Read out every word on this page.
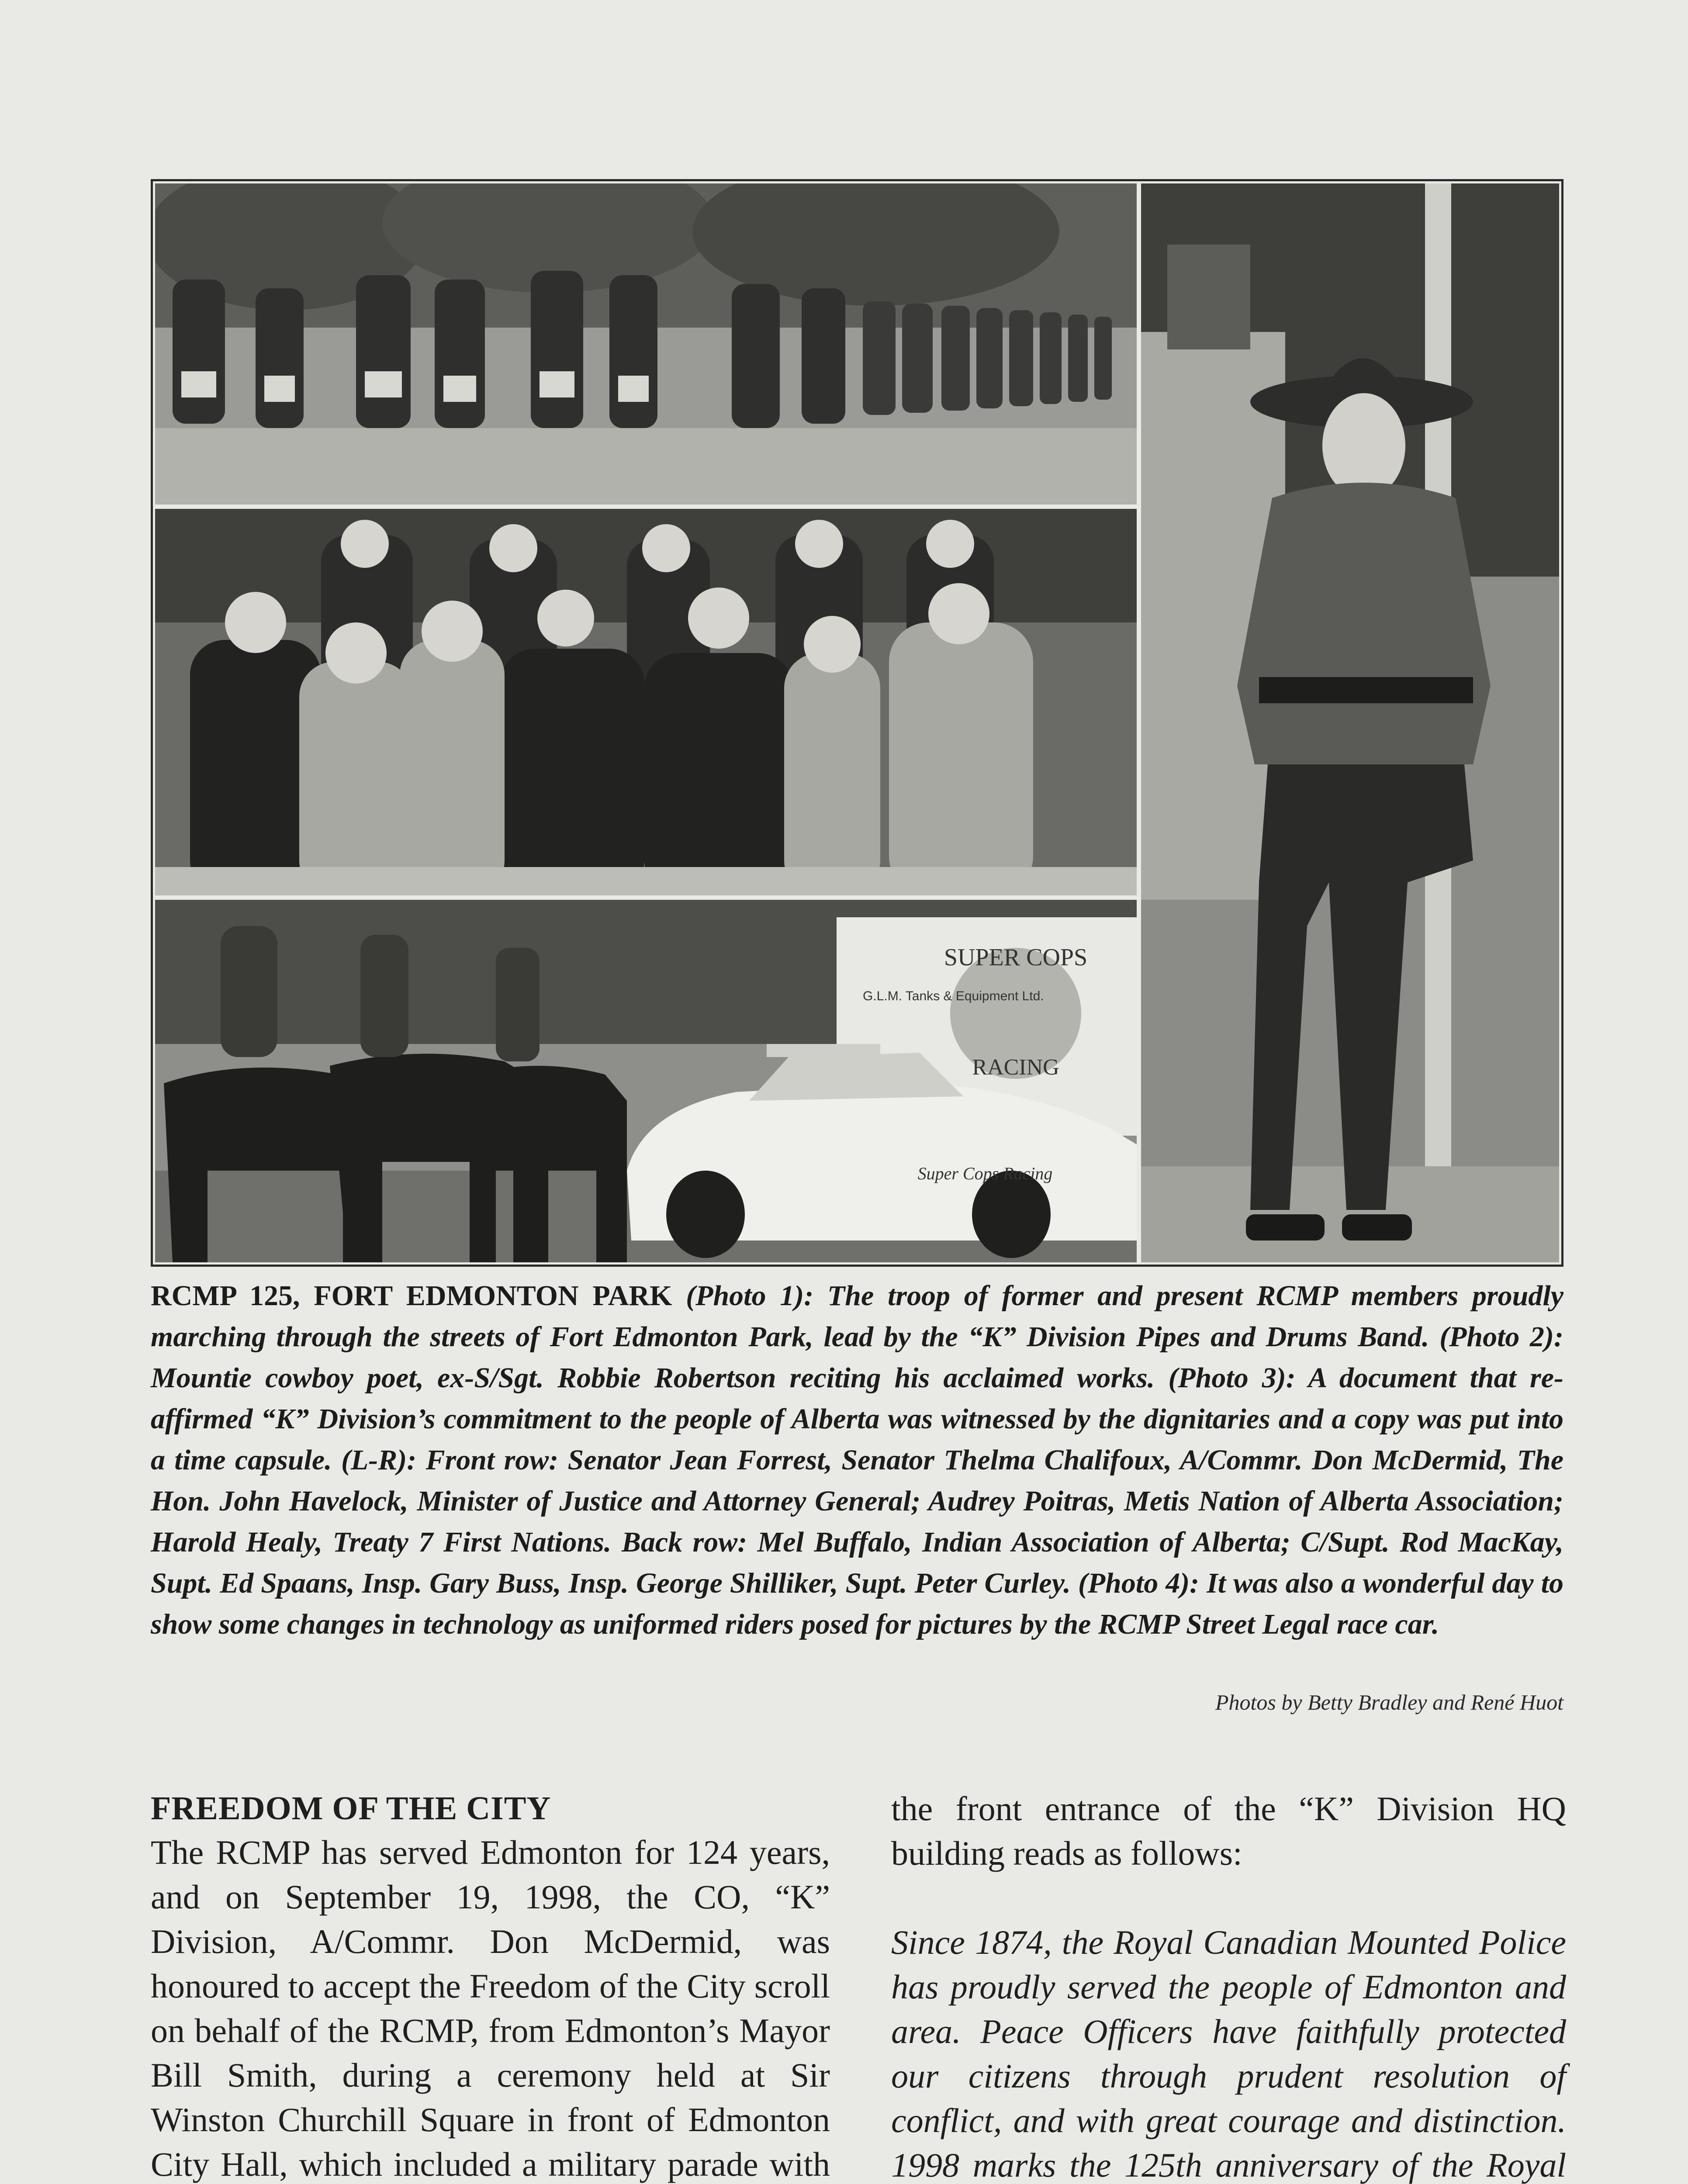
SUPER COPS
RACING
G.L.M. Tanks & Equipment Ltd.
Super Cops Racing
RCMP 125, FORT EDMONTON PARK (Photo 1): The troop of former and present RCMP members proudly marching through the streets of Fort Edmonton Park, lead by the “K” Division Pipes and Drums Band. (Photo 2): Mountie cowboy poet, ex-S/Sgt. Robbie Robertson reciting his acclaimed works. (Photo 3): A document that re-affirmed “K” Division’s commitment to the people of Alberta was witnessed by the dignitaries and a copy was put into a time capsule. (L-R): Front row: Senator Jean Forrest, Senator Thelma Chalifoux, A/Commr. Don McDermid, The Hon. John Havelock, Minister of Justice and Attorney General; Audrey Poitras, Metis Nation of Alberta Association; Harold Healy, Treaty 7 First Nations. Back row: Mel Buffalo, Indian Association of Alberta; C/Supt. Rod MacKay, Supt. Ed Spaans, Insp. Gary Buss, Insp. George Shilliker, Supt. Peter Curley. (Photo 4): It was also a wonderful day to show some changes in technology as uniformed riders posed for pictures by the RCMP Street Legal race car.
Photos by Betty Bradley and René Huot
FREEDOM OF THE CITY

The RCMP has served Edmonton for 124 years, and on September 19, 1998, the CO, “K” Division, A/Commr. Don McDermid, was honoured to accept the Freedom of the City scroll on behalf of the RCMP, from Edmonton’s Mayor Bill Smith, during a ceremony held at Sir Winston Churchill Square in front of Edmonton City Hall, which included a military parade with

the front entrance of the “K” Division HQ building reads as follows:

Since 1874, the Royal Canadian Mounted Police has proudly served the people of Edmonton and area. Peace Officers have faithfully protected our citizens through prudent resolution of conflict, and with great courage and distinction. 1998 marks the 125th anniversary of the Royal
